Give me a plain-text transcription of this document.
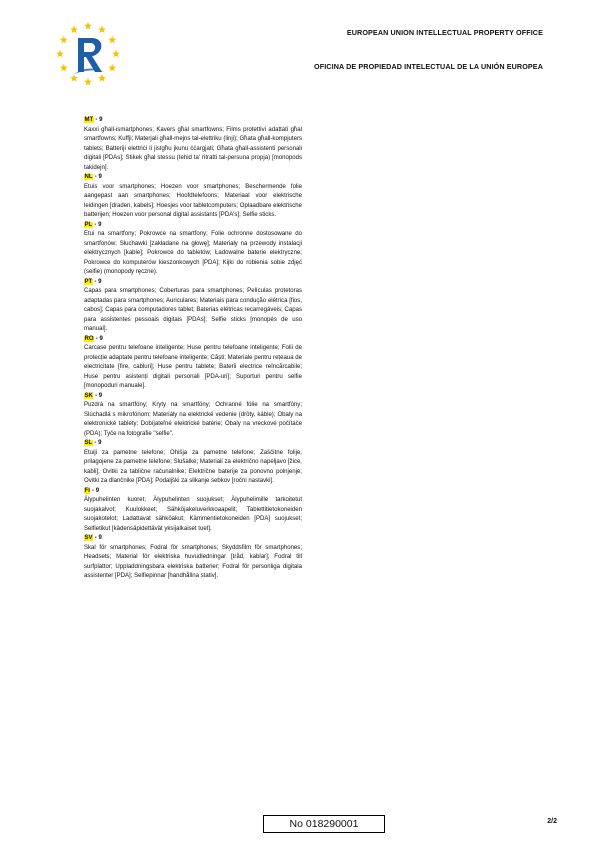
EUROPEAN UNION INTELLECTUAL PROPERTY OFFICE
OFICINA DE PROPIEDAD INTELECTUAL DE LA UNIÓN EUROPEA
MT - 9
Kaxxi għall-ismartphones; Kavers għal smartfowns; Films protettivi adattati għal smartfowns; Kuffji; Materjali għall-mejns tal-elettriku (linji); Għata għall-kompjuters tablets; Batteriji elettriċi li jistgħu jkunu ċċargjati; Għata għall-assistenti personali diġitali [PDAs]; Stikek għal stessu (tehid ta' ritratti tal-persuna propja) [monopods takidejn].
NL - 9
Etuis voor smartphones; Hoezen voor smartphones; Beschermende folie aangepast aan smartphones; Hoofdtelefoons; Materiaal voor elektrische leidingen [draden, kabels]; Hoesjes voor tabletcomputers; Oplaadbare elektrische batterijen; Hoezen voor personal digital assistants [PDA's]; Selfie sticks.
PL - 9
Etui na smartfony; Pokrowce na smartfony; Folie ochronne dostosowane do smartfonów; Słuchawki [zakładane na głowę]; Materiały na przewody instalacji elektrycznych [kable]; Pokrowce do tabletów; Ładowalne baterie elektryczne; Pokrowce do komputerów kieszonkowych [PDA]; Kijki do robienia sobie zdjęć (selfie) (monopody ręczne).
PT - 9
Capas para smartphones; Coberturas para smartphones; Películas protetoras adaptadas para smartphones; Auriculares; Materiais para condução elétrica [fios, cabos]; Capas para computadores tablet; Baterias elétricas recarregáveis; Capas para assistentes pessoais digitais [PDAs]; Selfie sticks [monopés de uso manual].
RO - 9
Carcase pentru telefoane inteligente; Huse pentru telefoane inteligente; Folii de protecție adaptate pentru telefoane inteligente; Căști; Materiale pentru rețeaua de electricitate [fire, cabluri]; Huse pentru tablete; Baterii electrice reîncărcabile; Huse pentru asistenți digitali personali [PDA-uri]; Suporturi pentru selfie [monopoduri manuale].
SK - 9
Puzdrá na smartfóny; Kryty na smartfóny; Ochranné fólie na smartfóny; Slúchadlá s mikrofónom; Materiály na elektrické vedenie (drôty, káble); Obaly na elektronické tablety; Dobíjateľné elektrické batérie; Obaly na vreckové počítače (PDA); Tyče na fotografie "selfie".
SL - 9
Etuiji za pametne telefone; Ohišja za pametne telefone; Zaščitne folije, prilagojene za pametne telefone; Slušalke; Materiali za električno napeljavo [žice, kabli]; Ovitki za tablične računalnike; Električne baterije za ponovno polnjenje; Ovitki za dlančnike [PDA]; Podaljški za slikanje sebkov [ročni nastavki].
FI - 9
Älypuhelinten kuoret; Älypuhelinten suojukset; Älypuhelimille tarkoitetut suojakalvot; Kuulokkeet; Sähköjakeluverkkoaapelit; Tablettitietokoneiden suojakotelot; Ladattavat sähköakut; Kämmentietokoneiden [PDA] suojukset; Selfietikut [kädensäpidettävät yksijalkaiset tuet].
SV - 9
Skal för smartphones; Fodral för smartphones; Skyddsfilm för smartphones; Headsets; Material för elektriska huvudledningar [tråd, kablar]; Fodral till surfplattor; Uppladdningsbara elektriska batterier; Fodral för personliga digitala assistenter [PDA]; Selfiepinnar [handhållna stativ].
No 018290001	2/2
